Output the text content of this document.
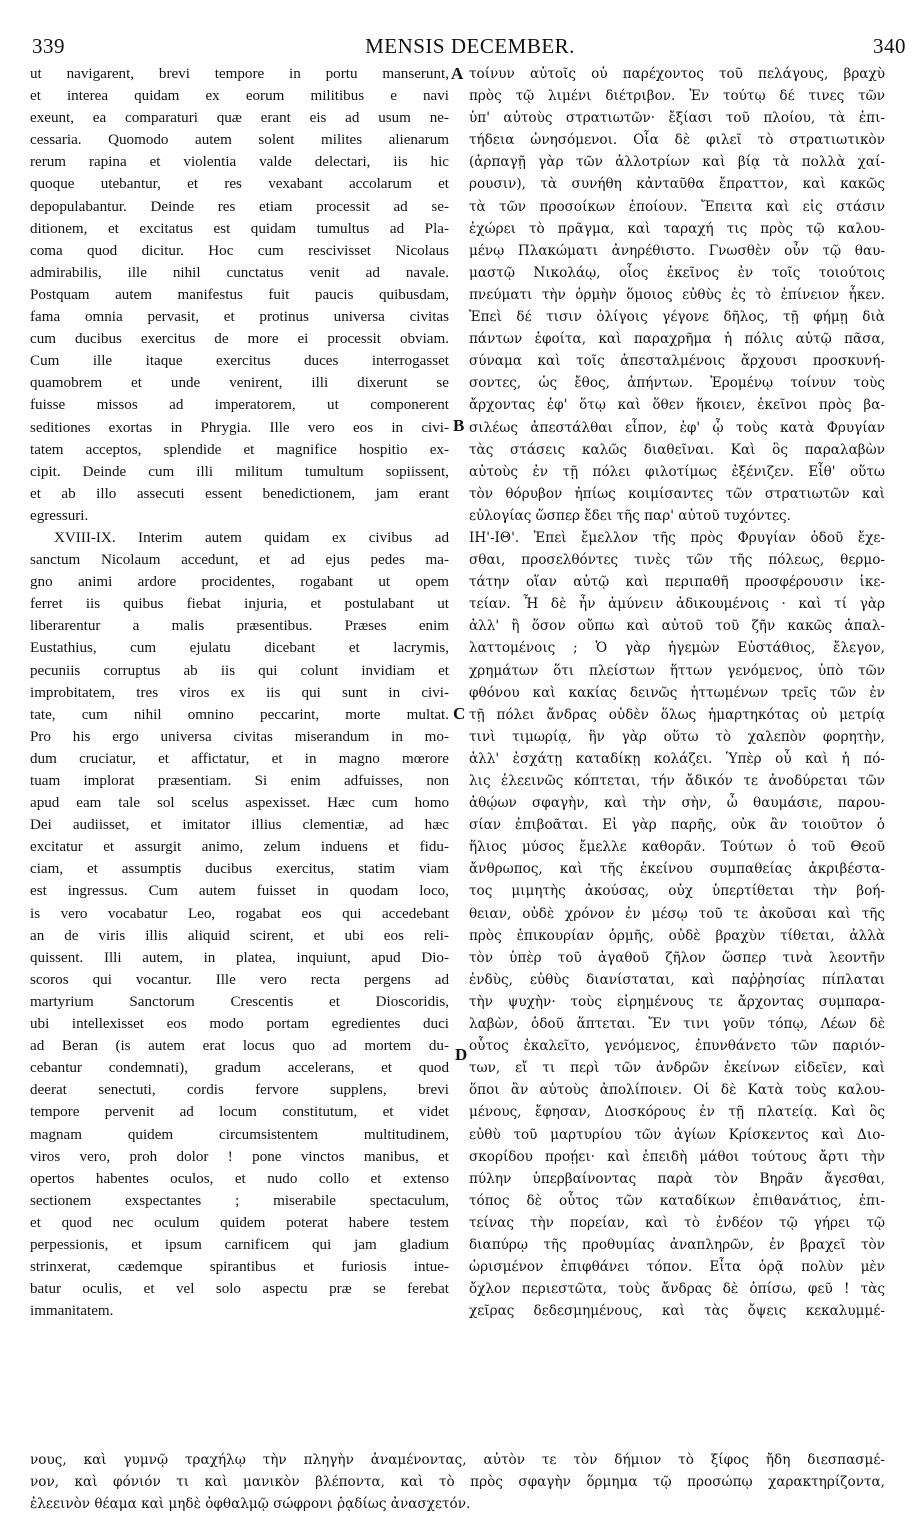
339	MENSIS DECEMBER.	340
ut navigarent, brevi tempore in portu manserunt,
et interea quidam ex eorum militibus e navi
exeunt, ea comparaturi quæ erant eis ad usum ne-
cessaria. Quomodo autem solent milites alienarum
rerum rapina et violentia valde delectari, iis hic
quoque utebantur, et res vexabant accolarum et
depopulabantur. Deinde res etiam processit ad se-
ditionem, et excitatus est quidam tumultus ad Pla-
coma quod dicitur. Hoc cum rescivisset Nicolaus
admirabilis, ille nihil cunctatus venit ad navale.
Postquam autem manifestus fuit paucis quibusdam,
fama omnia pervasit, et protinus universa civitas
cum ducibus exercitus de more ei processit obviam.
Cum ille itaque exercitus duces interrogasset
quamobrem et unde venirent, illi dixerunt se
fuisse missos ad imperatorem, ut componerent
seditiones exortas in Phrygia. Ille vero eos in civi-
tatem acceptos, splendide et magnifice hospitio ex-
cipit. Deinde cum illi militum tumultum sopiissent,
et ab illo assecuti essent benedictionem, jam erant
egressuri.
XVIII-IX. Interim autem quidam ex civibus ad
sanctum Nicolaum accedunt, et ad ejus pedes ma-
gno animi ardore procidentes, rogabant ut opem
ferret iis quibus fiebat injuria, et postulabant ut
liberarentur a malis præsentibus. Præses enim
Eustathius, cum ejulatu dicebant et lacrymis,
pecuniis corruptus ab iis qui colunt invidiam et
improbitatem, tres viros ex iis qui sunt in civi-
tate, cum nihil omnino peccarint, morte multat.
Pro his ergo universa civitas miserandum in mo-
dum cruciatur, et affictatur, et in magno mœrore
tuam implorat præsentiam. Si enim adfuisses, non
apud eam tale sol scelus aspexisset. Hæc cum homo
Dei audiisset, et imitator illius clementiæ, ad hæc
excitatur et assurgit animo, zelum induens et fidu-
ciam, et assumptis ducibus exercitus, statim viam
est ingressus. Cum autem fuisset in quodam loco,
is vero vocabatur Leo, rogabat eos qui accedebant
an de viris illis aliquid scirent, et ubi eos reli-
quissent. Illi autem, in platea, inquiunt, apud Dio-
scoros qui vocantur. Ille vero recta pergens ad
martyrium Sanctorum Crescentis et Dioscoridis,
ubi intellexisset eos modo portam egredientes duci
ad Beran (is autem erat locus quo ad mortem du-
cebantur condemnati), gradum accelerans, et quod
deerat senectuti, cordis fervore supplens, brevi
tempore pervenit ad locum constitutum, et videt
magnam quidem circumsistentem multitudinem,
viros vero, proh dolor ! pone vinctos manibus, et
opertos habentes oculos, et nudo collo et extenso
sectionem exspectantes ; miserabile spectaculum,
et quod nec oculum quidem poterat habere testem
perpessionis, et ipsum carnificem qui jam gladium
strinxerat, cædemque spirantibus et furiosis intue-
batur oculis, et vel solo aspectu præ se ferebat
immanitatem.
τοίνυν αὐτοῖς οὐ παρέχοντος τοῦ πελάγους, βραχὺ
πρὸς τῷ λιμένι διέτριβον. Ἐν τούτῳ δέ τινες τῶν
ὑπ' αὐτοὺς στρατιωτῶν· ἔξίασι τοῦ πλοίου, τὰ ἐπι-
τήδεια ὠνησόμενοι. Οἷα δὲ φιλεῖ τὸ στρατιωτικὸν
(ἁρπαγῇ γὰρ τῶν ἀλλοτρίων καὶ βίᾳ τὰ πολλὰ χαί-
ρουσιν), τὰ συνήθη κἀνταῦθα ἔπραττον, καὶ κακῶς
τὰ τῶν προσοίκων ἐποίουν. Ἔπειτα καὶ εἰς στάσιν
ἐχώρει τὸ πρᾶγμα, καὶ ταραχή τις πρὸς τῷ καλου-
μένῳ Πλακώματι ἀνηρέθιστο. Γνωσθὲν οὖν τῷ θαυ-
μαστῷ Νικολάῳ, οἷος ἐκεῖνος ἐν τοῖς τοιούτοις
πνεύματι τὴν ὁρμὴν ὅμοιος εὐθὺς ἐς τὸ ἐπίνειον ἧκεν.
Ἐπεὶ δέ τισιν ὀλίγοις γέγονε δῆλος, τῇ φήμῃ διὰ
πάντων ἐφοίτα, καὶ παραχρῆμα ἡ πόλις αὐτῷ πᾶσα,
σύναμα καὶ τοῖς ἀπεσταλμένοις ἄρχουσι προσκυνή-
σοντες, ὡς ἔθος, ἀπήντων. Ἐρομένῳ τοίνυν τοὺς
ἄρχοντας ἐφ' ὅτῳ καὶ ὅθεν ἥκοιεν, ἐκεῖνοι πρὸς βα-
σιλέως ἀπεστάλθαι εἶπον, ἐφ' ᾧ τοὺς κατὰ Φρυγίαν
τὰς στάσεις καλῶς διαθεῖναι. Καὶ ὃς παραλαβὼν
αὐτοὺς ἐν τῇ πόλει φιλοτίμως ἐξένιζεν. Εἶθ' οὕτω
τὸν θόρυβον ἠπίως κοιμίσαντες τῶν στρατιωτῶν καὶ
εὐλογίας ὥσπερ ἔδει τῆς παρ' αὐτοῦ τυχόντες.
ΙΗ'-ΙΘ'. Ἐπεὶ ἔμελλον τῆς πρὸς Φρυγίαν ὁδοῦ ἔχε-
σθαι, προσελθόντες τινὲς τῶν τῆς πόλεως, θερμο-
τάτην οἵαν αὐτῷ καὶ περιπαθῆ προσφέρουσιν ἱκε-
τείαν. Ἦ δὲ ἦν ἀμύνειν ἀδικουμένοις · καὶ τί γὰρ
ἀλλ' ἢ ὅσον οὔπω καὶ αὐτοῦ τοῦ ζῆν κακῶς ἀπαλ-
λαττομένοις ; Ὁ γὰρ ἡγεμὼν Εὐστάθιος, ἔλεγον,
χρημάτων ὅτι πλείστων ἥττων γενόμενος, ὑπὸ τῶν
φθόνου καὶ κακίας δεινῶς ἡττωμένων τρεῖς τῶν ἐν
τῇ πόλει ἄνδρας οὐδὲν ὅλως ἡμαρτηκότας οὐ μετρίᾳ
τινὶ τιμωρίᾳ, ἣν γὰρ οὕτω τὸ χαλεπὸν φορητὴν,
ἀλλ' ἐσχάτῃ καταδίκῃ κολάζει. Ὑπὲρ οὗ καὶ ἡ πό-
λις ἐλεεινῶς κόπτεται, τήν ἄδικόν τε ἀνοδύρεται τῶν
ἀθῴων σφαγὴν, καὶ τὴν σὴν, ὦ θαυμάσιε, παρου-
σίαν ἐπιβοᾶται. Εἰ γὰρ παρῆς, οὐκ ἂν τοιοῦτον ὁ
ἥλιος μύσος ἔμελλε καθορᾶν. Τούτων ὁ τοῦ Θεοῦ
ἄνθρωπος, καὶ τῆς ἐκείνου συμπαθείας ἀκριβέστα-
τος μιμητὴς ἀκούσας, οὐχ ὑπερτίθεται τὴν βοή-
θειαν, οὐδὲ χρόνον ἐν μέσῳ τοῦ τε ἀκοῦσαι καὶ τῆς
πρὸς ἐπικουρίαν ὁρμῆς, οὐδὲ βραχὺν τίθεται, ἀλλὰ
τὸν ὑπὲρ τοῦ ἀγαθοῦ ζῆλον ὥσπερ τινὰ λεοντῆν
ἐνδὺς, εὐθὺς διανίσταται, καὶ παῤῥησίας πίπλαται
τὴν ψυχὴν· τοὺς εἰρημένους τε ἄρχοντας συμπαρα-
λαβὼν, ὁδοῦ ἅπτεται. Ἔν τινι γοῦν τόπῳ, Λέων δὲ
οὗτος ἐκαλεῖτο, γενόμενος, ἐπυνθάνετο τῶν παριόν-
των, εἴ τι περὶ τῶν ἀνδρῶν ἐκείνων εἰδεῖεν, καὶ
ὅποι ἂν αὐτοὺς ἀπολίποιεν. Οἱ δὲ Κατὰ τοὺς καλου-
μένους, ἔφησαν, Διοσκόρους ἐν τῇ πλατείᾳ. Καὶ ὃς
εὐθὺ τοῦ μαρτυρίου τῶν ἁγίων Κρίσκεντος καὶ Διο-
σκορίδου προῄει· καὶ ἐπειδὴ μάθοι τούτους ἄρτι τὴν
πύλην ὑπερβαίνοντας παρὰ τὸν Βηρᾶν ἄγεσθαι,
τόπος δὲ οὗτος τῶν καταδίκων ἐπιθανάτιος, ἐπι-
τείνας τὴν πορείαν, καὶ τὸ ἐνδέον τῷ γήρει τῷ
διαπύρῳ τῆς προθυμίας ἀναπληρῶν, ἐν βραχεῖ τὸν
ὡρισμένον ἐπιφθάνει τόπον. Εἶτα ὁρᾷ πολὺν μὲν
ὄχλον περιεστῶτα, τοὺς ἄνδρας δὲ ὀπίσω, φεῦ ! τὰς
χεῖρας δεδεσμημένους, καὶ τὰς ὄψεις κεκαλυμμέ-
A
B
C
D
νους, καὶ γυμνῷ τραχήλῳ τὴν πληγὴν ἀναμένοντας, αὐτὸν τε τὸν δήμιον τὸ ξίφος ἤδη διεσπασμέ-
νον, καὶ φόνιόν τι καὶ μανικὸν βλέποντα, καὶ τὸ πρὸς σφαγὴν ὅρμημα τῷ προσώπῳ χαρακτηρίζοντα,
ἐλεεινὸν θέαμα καὶ μηδὲ ὀφθαλμῷ σώφρονι ῥᾳδίως ἀνασχετόν.
